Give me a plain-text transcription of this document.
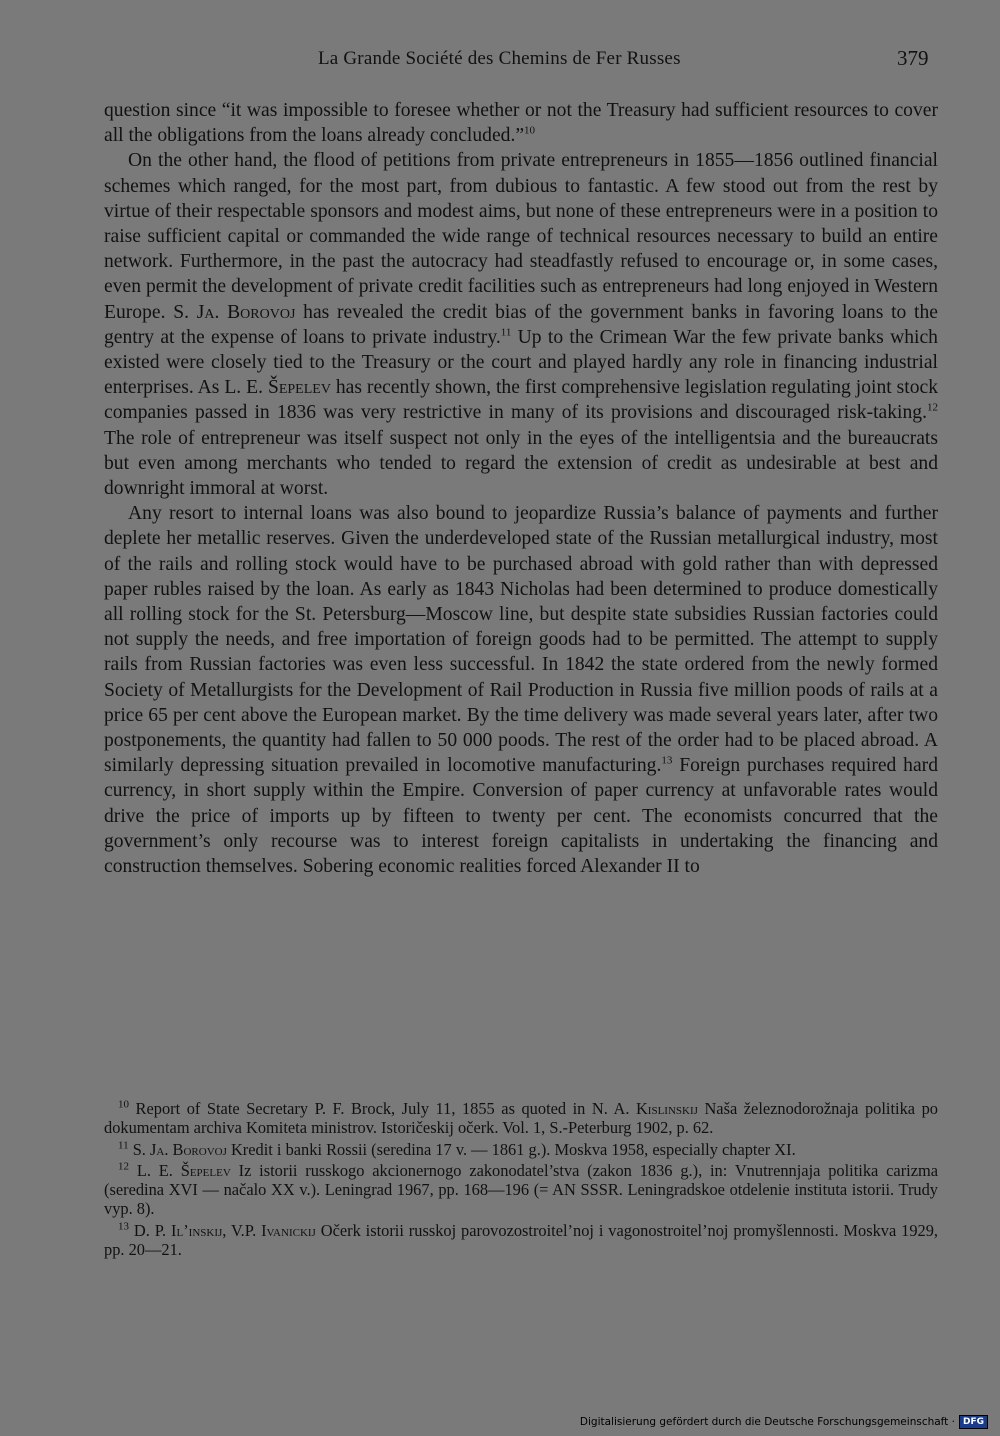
La Grande Société des Chemins de Fer Russes	379

question since “it was impossible to foresee whether or not the Treasury had sufficient resources to cover all the obligations from the loans already concluded.”$^{10}$

On the other hand, the flood of petitions from private entrepreneurs in 1855—1856 outlined financial schemes which ranged, for the most part, from dubious to fantastic. A few stood out from the rest by virtue of their respectable sponsors and modest aims, but none of these entrepreneurs were in a position to raise sufficient capital or commanded the wide range of technical resources necessary to build an entire network. Furthermore, in the past the autocracy had steadfastly refused to encourage or, in some cases, even permit the development of private credit facilities such as entrepreneurs had long enjoyed in Western Europe. S. Ja. Borovoj has revealed the credit bias of the government banks in favoring loans to the gentry at the expense of loans to private industry.$^{11}$ Up to the Crimean War the few private banks which existed were closely tied to the Treasury or the court and played hardly any role in financing industrial enterprises. As L. E. Šepelev has recently shown, the first comprehensive legislation regulating joint stock companies passed in 1836 was very restrictive in many of its provisions and discouraged risk-taking.$^{12}$ The role of entrepreneur was itself suspect not only in the eyes of the intelligentsia and the bureaucrats but even among merchants who tended to regard the extension of credit as undesirable at best and downright immoral at worst.

Any resort to internal loans was also bound to jeopardize Russia’s balance of payments and further deplete her metallic reserves. Given the underdeveloped state of the Russian metallurgical industry, most of the rails and rolling stock would have to be purchased abroad with gold rather than with depressed paper rubles raised by the loan. As early as 1843 Nicholas had been determined to produce domestically all rolling stock for the St. Petersburg—Moscow line, but despite state subsidies Russian factories could not supply the needs, and free importation of foreign goods had to be permitted. The attempt to supply rails from Russian factories was even less successful. In 1842 the state ordered from the newly formed Society of Metallurgists for the Development of Rail Production in Russia five million poods of rails at a price 65 per cent above the European market. By the time delivery was made several years later, after two postponements, the quantity had fallen to 50 000 poods. The rest of the order had to be placed abroad. A similarly depressing situation prevailed in locomotive manufacturing.$^{13}$ Foreign purchases required hard currency, in short supply within the Empire. Conversion of paper currency at unfavorable rates would drive the price of imports up by fifteen to twenty per cent. The economists concurred that the government’s only recourse was to interest foreign capitalists in undertaking the financing and construction themselves. Sobering economic realities forced Alexander II to

$^{10}$ Report of State Secretary P. F. Brock, July 11, 1855 as quoted in N. A. Kislinskij Naša železnodorožnaja politika po dokumentam archiva Komiteta ministrov. Istoričeskij očerk. Vol. 1, S.-Peterburg 1902, p. 62.

$^{11}$ S. Ja. Borovoj Kredit i banki Rossii (seredina 17 v. — 1861 g.). Moskva 1958, especially chapter XI.

$^{12}$ L. E. Šepelev Iz istorii russkogo akcionernogo zakonodatel’stva (zakon 1836 g.), in: Vnutrennjaja politika carizma (seredina XVI — načalo XX v.). Leningrad 1967, pp. 168—196 (= AN SSSR. Leningradskoe otdelenie instituta istorii. Trudy vyp. 8).

$^{13}$ D. P. Il’inskij, V.P. Ivanickij Očerk istorii russkoj parovozostroitel’noj i vagonostroitel’noj promyšlennosti. Moskva 1929, pp. 20—21.

Digitalisierung gefördert durch die Deutsche Forschungsgemeinschaft · DFG
